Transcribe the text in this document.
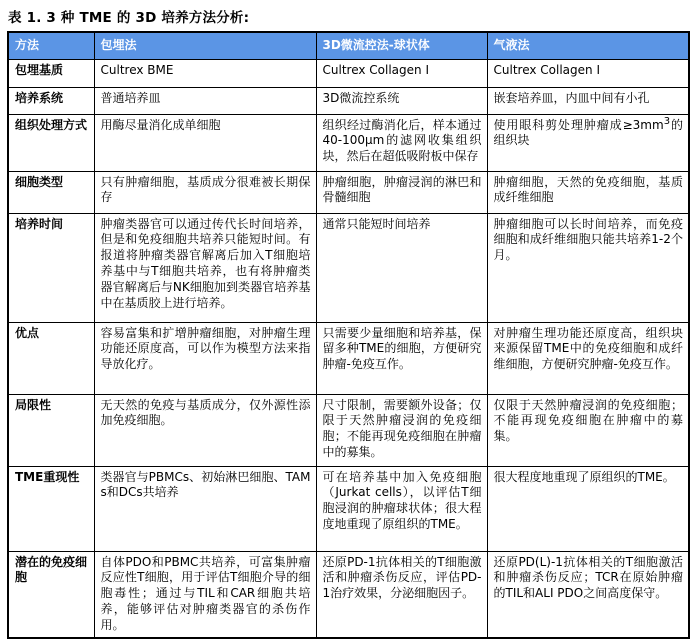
表 1. 3 种 TME 的 3D 培养方法分析:
方法	包埋法	3D微流控法-球状体	气液法
包埋基质	Cultrex BME	Cultrex Collagen I	Cultrex Collagen I
培养系统	普通培养皿	3D微流控系统	嵌套培养皿，内皿中间有小孔
组织处理方式	用酶尽量消化成单细胞	组织经过酶消化后，样本通过40-100μm的滤网收集组织块，然后在超低吸附板中保存	使用眼科剪处理肿瘤成$\ge 3mm^3$的组织块
细胞类型	只有肿瘤细胞，基质成分很难被长期保存	肿瘤细胞，肿瘤浸润的淋巴和骨髓细胞	肿瘤细胞，天然的免疫细胞，基质成纤维细胞
培养时间	肿瘤类器官可以通过传代长时间培养，但是和免疫细胞共培养只能短时间。有报道将肿瘤类器官解离后加入T细胞培养基中与T细胞共培养，也有将肿瘤类器官解离后与NK细胞加到类器官培养基中在基质胶上进行培养。	通常只能短时间培养	肿瘤细胞可以长时间培养，而免疫细胞和成纤维细胞只能共培养1-2个月。
优点	容易富集和扩增肿瘤细胞，对肿瘤生理功能还原度高，可以作为模型方法来指导放化疗。	只需要少量细胞和培养基，保留多种TME的细胞，方便研究肿瘤-免疫互作。	对肿瘤生理功能还原度高，组织块来源保留TME中的免疫细胞和成纤维细胞，方便研究肿瘤-免疫互作。
局限性	无天然的免疫与基质成分，仅外源性添加免疫细胞。	尺寸限制，需要额外设备；仅限于天然肿瘤浸润的免疫细胞；不能再现免疫细胞在肿瘤中的募集。	仅限于天然肿瘤浸润的免疫细胞；不能再现免疫细胞在肿瘤中的募集。
TME重现性	类器官与PBMCs、初始淋巴细胞、TAMs和DCs共培养	可在培养基中加入免疫细胞（Jurkat cells），以评估T细胞浸润的肿瘤球状体；很大程度地重现了原组织的TME。	很大程度地重现了原组织的TME。
潜在的免疫细胞	自体PDO和PBMC共培养，可富集肿瘤反应性T细胞，用于评估T细胞介导的细胞毒性；通过与TIL和CAR细胞共培养，能够评估对肿瘤类器官的杀伤作用。	还原PD-1抗体相关的T细胞激活和肿瘤杀伤反应，评估PD-1治疗效果，分泌细胞因子。	还原PD(L)-1抗体相关的T细胞激活和肿瘤杀伤反应；TCR在原始肿瘤的TIL和ALI PDO之间高度保守。
